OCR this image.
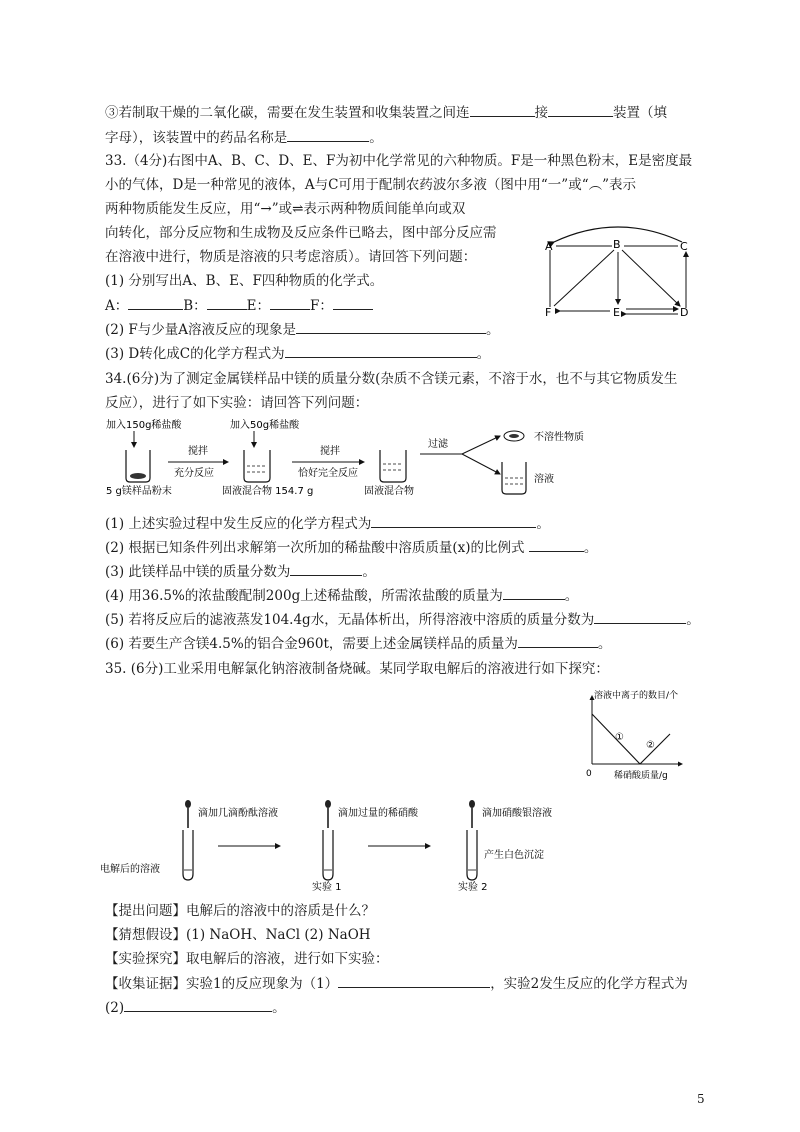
③若制取干燥的二氧化碳，需要在发生装置和收集装置之间连	接	装置（填
字母），该装置中的药品名称是	。
33.（4分)右图中A、B、C、D、E、F为初中化学常见的六种物质。F是一种黑色粉末，E是密度最
小的气体，D是一种常见的液体，A与C可用于配制农药波尔多液（图中用“一”或“︵”表示
两种物质能发生反应，用“→”或⇌表示两种物质间能单向或双
向转化，部分反应物和生成物及反应条件已略去，图中部分反应需
在溶液中进行，物质是溶液的只考虑溶质）。请回答下列问题：
(1) 分别写出A、B、E、F四种物质的化学式。
A：	B：	E：	F：
(2) F与少量A溶液反应的现象是	。
(3) D转化成C的化学方程式为	。
A	B	C
F	E	D
34.(6分)为了测定金属镁样品中镁的质量分数(杂质不含镁元素，不溶于水，也不与其它物质发生
反应），进行了如下实验：请回答下列问题：
加入150g稀盐酸
5 g镁样品粉末
搅拌
充分反应
加入50g稀盐酸
固液混合物 154.7 g
搅拌
恰好完全反应
固液混合物
过滤
不溶性物质
溶液
(1) 上述实验过程中发生反应的化学方程式为	。
(2) 根据已知条件列出求解第一次所加的稀盐酸中溶质质量(x)的比例式	。
(3) 此镁样品中镁的质量分数为	。
(4) 用36.5%的浓盐酸配制200g上述稀盐酸，所需浓盐酸的质量为	。
(5) 若将反应后的滤液蒸发104.4g水，无晶体析出，所得溶液中溶质的质量分数为	。
(6) 若要生产含镁4.5%的铝合金960t，需要上述金属镁样品的质量为	。
35. (6分)工业采用电解氯化钠溶液制备烧碱。某同学取电解后的溶液进行如下探究：
溶液中离子的数目/个
①
②
0 稀硝酸质量/g
滴加几滴酚酞溶液
电解后的溶液
滴加过量的稀硝酸
实验 1
滴加硝酸银溶液
产生白色沉淀
实验 2
【提出问题】电解后的溶液中的溶质是什么？
【猜想假设】(1) NaOH、NaCl (2) NaOH
【实验探究】取电解后的溶液，进行如下实验：
【收集证据】实验1的反应现象为（1）	，实验2发生反应的化学方程式为
(2)	。
5
